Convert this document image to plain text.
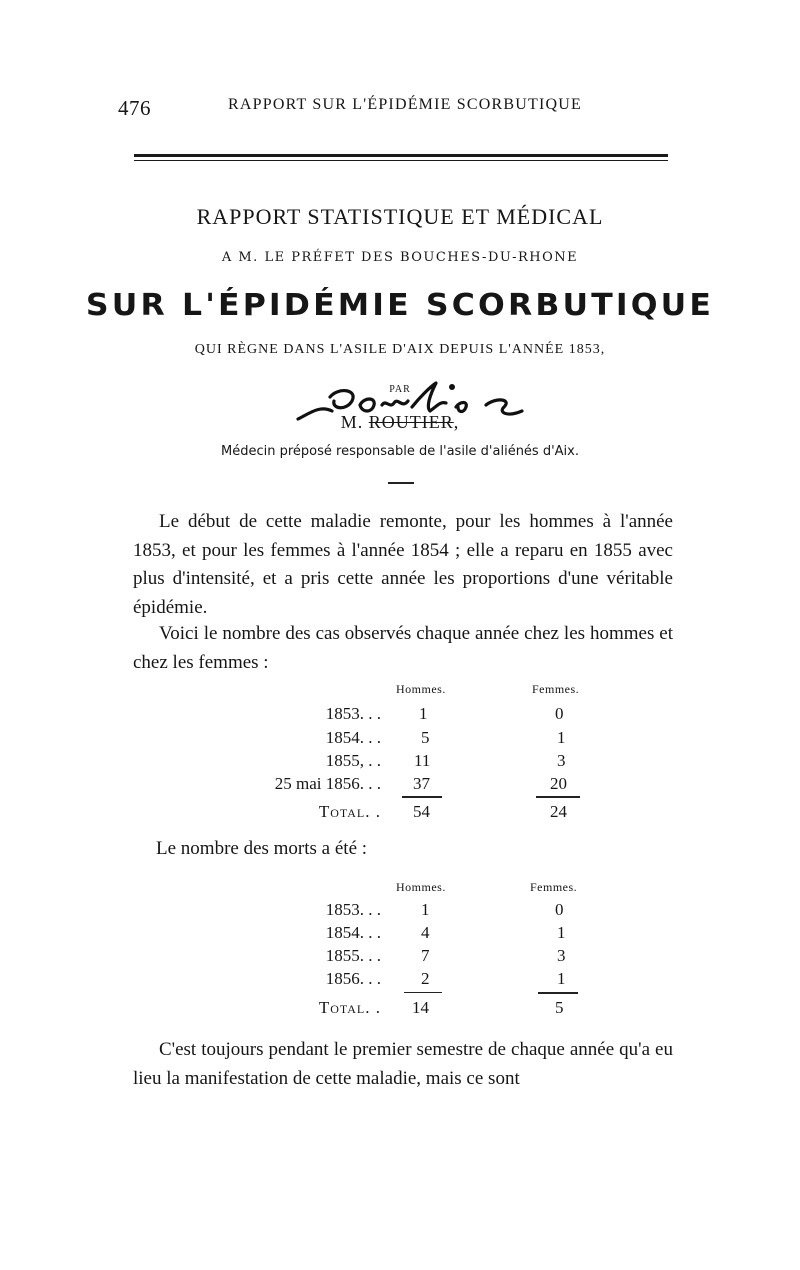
476	RAPPORT SUR L'ÉPIDÉMIE SCORBUTIQUE
RAPPORT STATISTIQUE ET MÉDICAL
A M. LE PRÉFET DES BOUCHES-DU-RHONE
SUR L'ÉPIDÉMIE SCORBUTIQUE
QUI RÈGNE DANS L'ASILE D'AIX DEPUIS L'ANNÉE 1853,
PAR
M. ROUTIER,
Médecin préposé responsable de l'asile d'aliénés d'Aix.
Le début de cette maladie remonte, pour les hommes à l'année 1853, et pour les femmes à l'année 1854 ; elle a reparu en 1855 avec plus d'intensité, et a pris cette année les proportions d'une véritable épidémie.
Voici le nombre des cas observés chaque année chez les hommes et chez les femmes :
Hommes.	Femmes.
1853. . . 1	0
1854. . . 5	1
1855, . . 11	3
25 mai 1856. . . 37	20
Total. . 54	24
Le nombre des morts a été :
Hommes.	Femmes.
1853. . . 1	0
1854. . . 4	1
1855. . . 7	3
1856. . . 2	1
Total. . 14	5
C'est toujours pendant le premier semestre de chaque année qu'a eu lieu la manifestation de cette maladie, mais ce sont
